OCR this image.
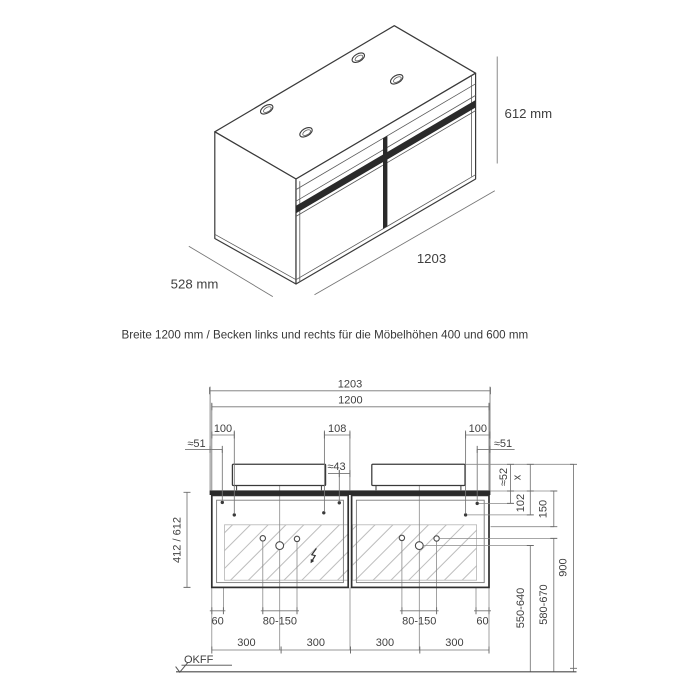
612 mm
1203
528 mm
Breite 1200 mm / Becken links und rechts für die Möbelhöhen 400 und 600 mm
1203
1200
100	108	100
≈51	≈51
≈43
≈52 x
102 150
900
550-640 580-670
412 / 612
60	80-150	80-150	60
300	300	300	300
OKFF
